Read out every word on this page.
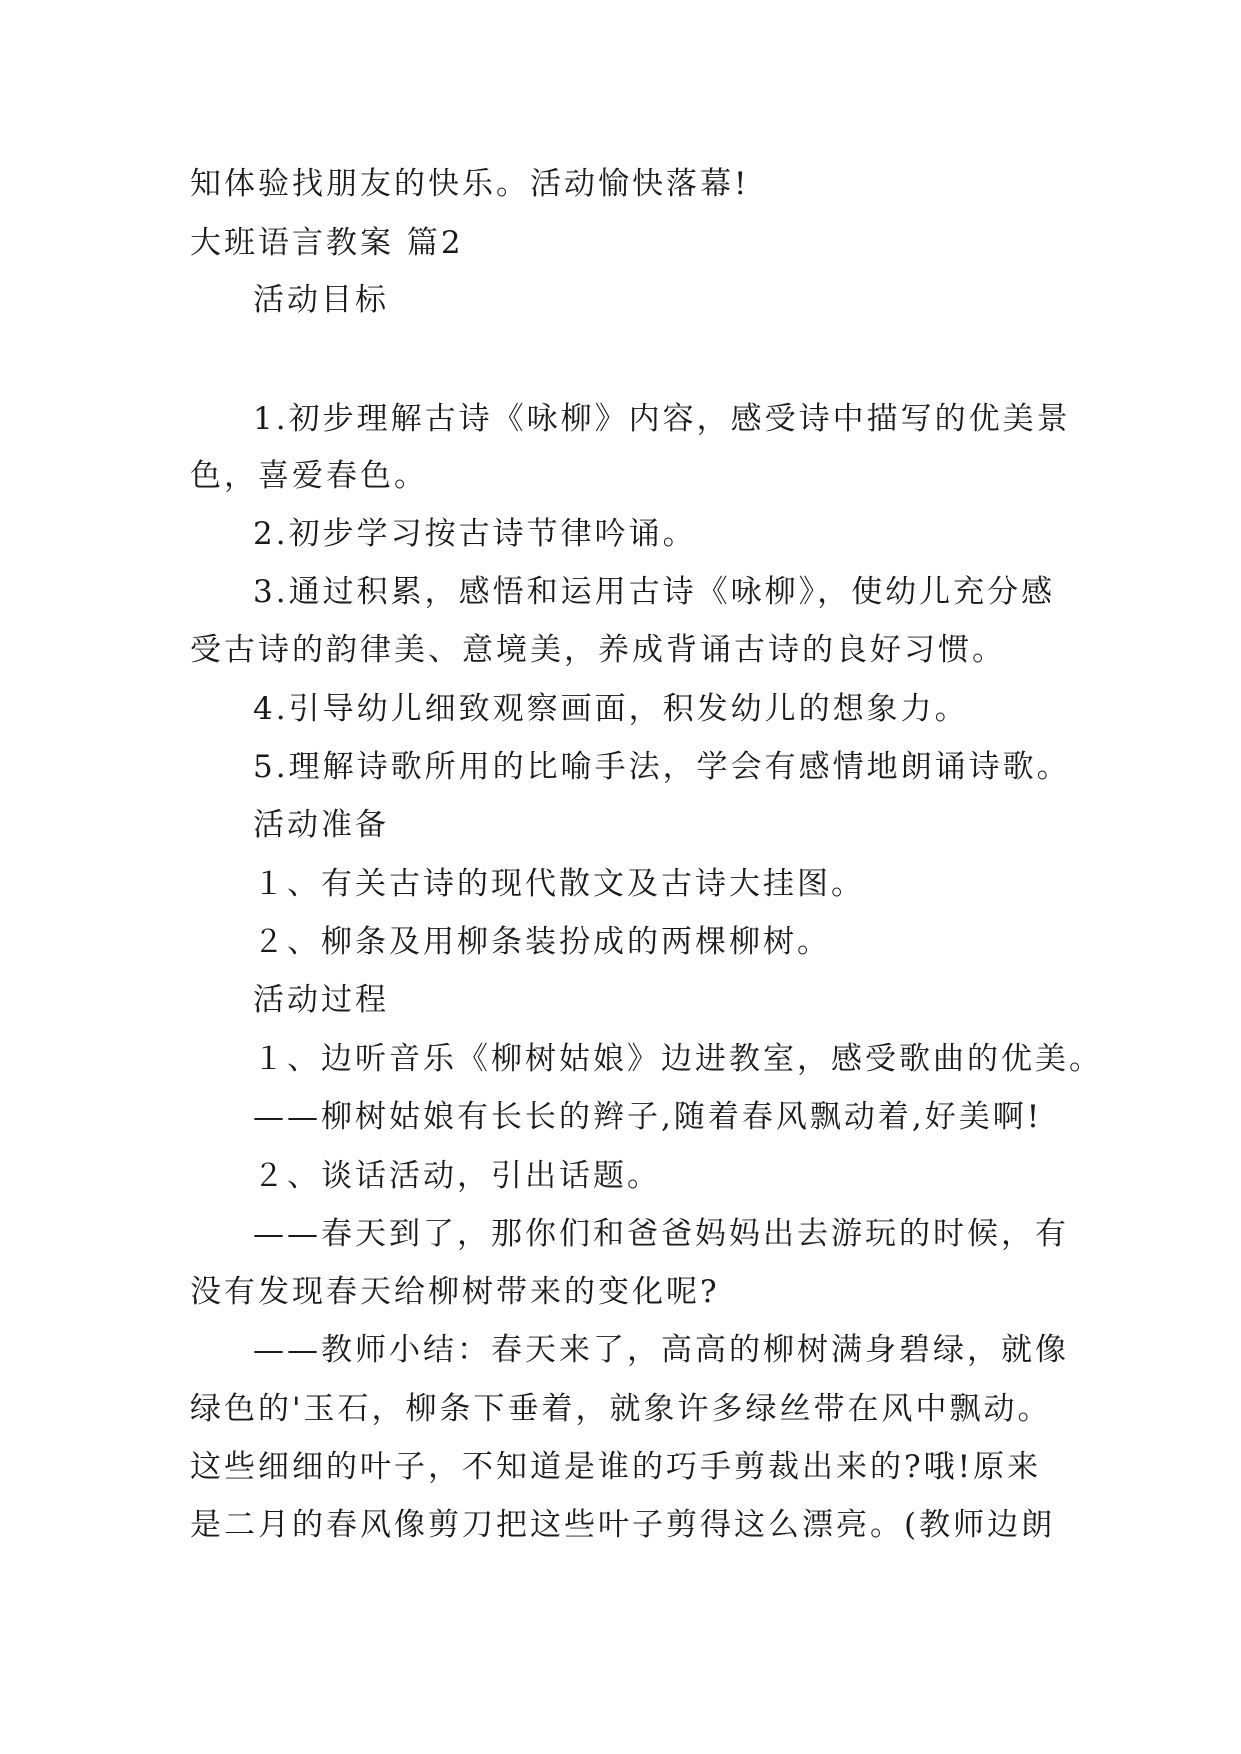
知体验找朋友的快乐。活动愉快落幕!
大班语言教案 篇2
活动目标
1.初步理解古诗《咏柳》内容，感受诗中描写的优美景
色，喜爱春色。
2.初步学习按古诗节律吟诵。
3.通过积累，感悟和运用古诗《咏柳》，使幼儿充分感
受古诗的韵律美、意境美，养成背诵古诗的良好习惯。
4.引导幼儿细致观察画面，积发幼儿的想象力。
5.理解诗歌所用的比喻手法，学会有感情地朗诵诗歌。
活动准备
１、有关古诗的现代散文及古诗大挂图。
２、柳条及用柳条装扮成的两棵柳树。
活动过程
１、边听音乐《柳树姑娘》边进教室，感受歌曲的优美。
——柳树姑娘有长长的辫子,随着春风飘动着,好美啊!
２、谈话活动，引出话题。
——春天到了，那你们和爸爸妈妈出去游玩的时候，有
没有发现春天给柳树带来的变化呢?
——教师小结：春天来了，高高的柳树满身碧绿，就像
绿色的'玉石，柳条下垂着，就象许多绿丝带在风中飘动。
这些细细的叶子，不知道是谁的巧手剪裁出来的?哦!原来
是二月的春风像剪刀把这些叶子剪得这么漂亮。(教师边朗
